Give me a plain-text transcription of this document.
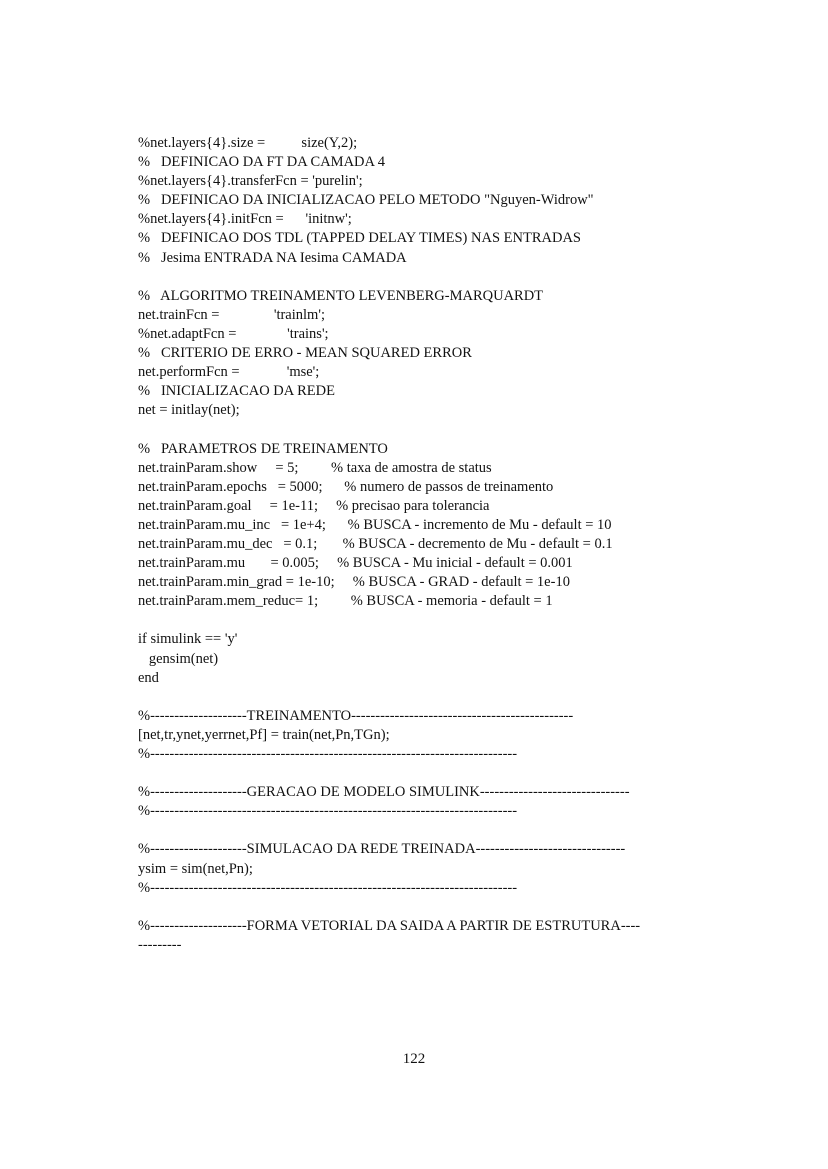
%net.layers{4}.size =          size(Y,2);
%   DEFINICAO DA FT DA CAMADA 4
%net.layers{4}.transferFcn = 'purelin';
%   DEFINICAO DA INICIALIZACAO PELO METODO "Nguyen-Widrow"
%net.layers{4}.initFcn =      'initnw';
%   DEFINICAO DOS TDL (TAPPED DELAY TIMES) NAS ENTRADAS
%   Jesima ENTRADA NA Iesima CAMADA
%   ALGORITMO TREINAMENTO LEVENBERG-MARQUARDT
net.trainFcn =               'trainlm';
%net.adaptFcn =              'trains';
%   CRITERIO DE ERRO - MEAN SQUARED ERROR
net.performFcn =             'mse';
%   INICIALIZACAO DA REDE
net = initlay(net);
%   PARAMETROS DE TREINAMENTO
net.trainParam.show     = 5;         % taxa de amostra de status
net.trainParam.epochs   = 5000;      % numero de passos de treinamento
net.trainParam.goal     = 1e-11;     % precisao para tolerancia
net.trainParam.mu_inc   = 1e+4;      % BUSCA - incremento de Mu - default = 10
net.trainParam.mu_dec   = 0.1;       % BUSCA - decremento de Mu - default = 0.1
net.trainParam.mu       = 0.005;     % BUSCA - Mu inicial - default = 0.001
net.trainParam.min_grad = 1e-10;     % BUSCA - GRAD - default = 1e-10
net.trainParam.mem_reduc= 1;         % BUSCA - memoria - default = 1
if simulink == 'y'
gensim(net)
end
%--------------------TREINAMENTO----------------------------------------------
[net,tr,ynet,yerrnet,Pf] = train(net,Pn,TGn);
%----------------------------------------------------------------------------
%--------------------GERACAO DE MODELO SIMULINK-------------------------------
%----------------------------------------------------------------------------
%--------------------SIMULACAO DA REDE TREINADA-------------------------------
ysim = sim(net,Pn);
%----------------------------------------------------------------------------
%--------------------FORMA VETORIAL DA SAIDA A PARTIR DE ESTRUTURA----
---------
122
